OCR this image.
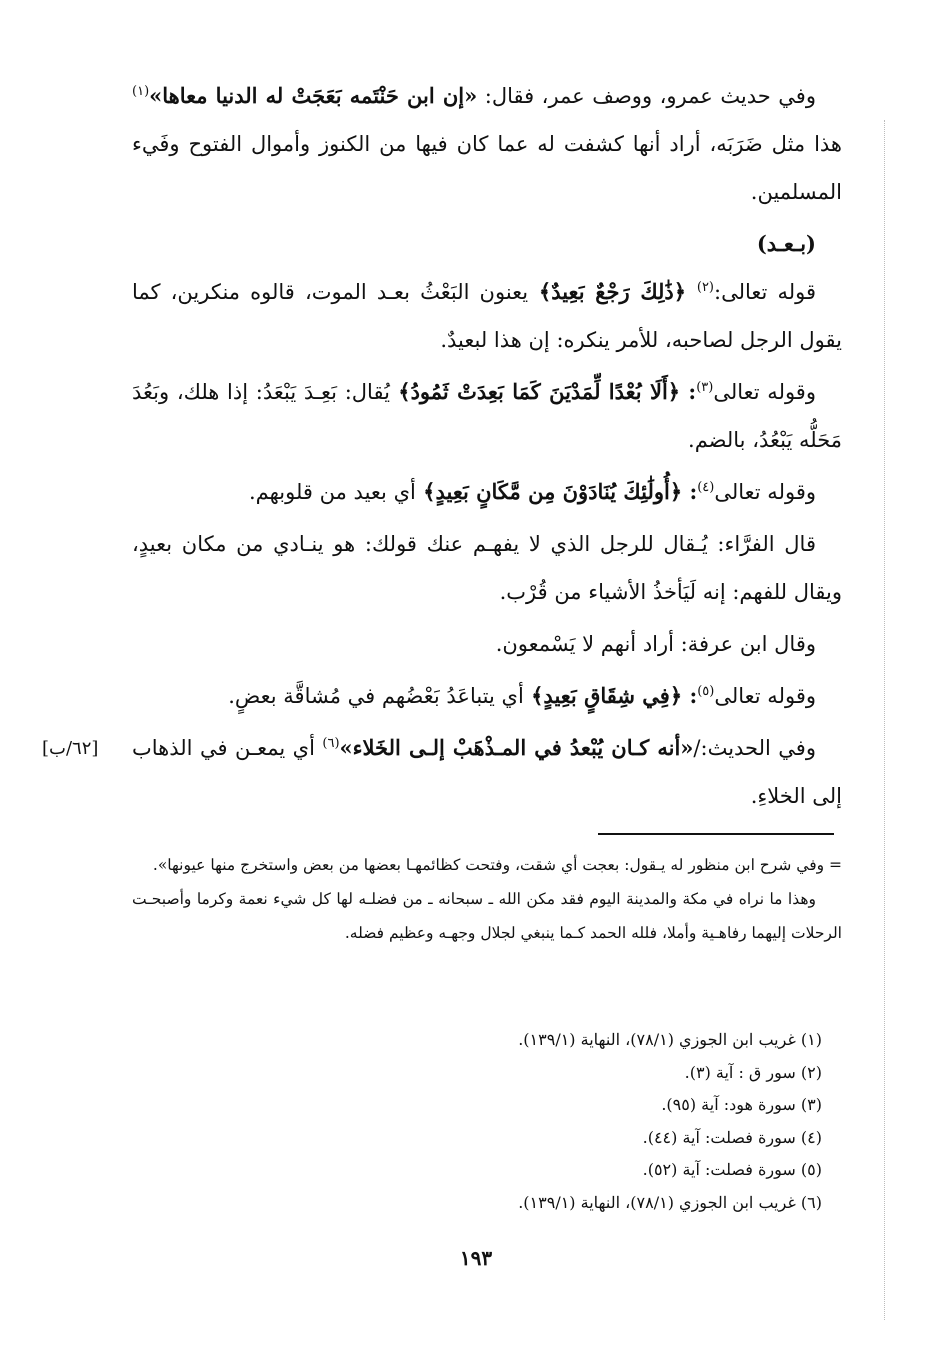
وفي حديث عمرو، ووصف عمر، فقال: «إن ابن حَنْتَمه بَعَجَتْ له الدنيا معاها»$^{(١)}$ هذا مثل ضَرَبَه، أراد أنها كشفت له عما كان فيها من الكنوز وأموال الفتوح وفَيء المسلمين.

(بـعـد)

قوله تعالى:$^{(٢)}$ ﴿ذَٰلِكَ رَجْعٌ بَعِيدٌ﴾ يعنون البَعْثُ بعـد الموت، قالوه منكرين، كما يقول الرجل لصاحبه، للأمر ينكره: إن هذا لبعيدٌ.

وقوله تعالى$^{(٣)}$: ﴿أَلَا بُعْدًا لِّمَدْيَنَ كَمَا بَعِدَتْ ثَمُودُ﴾ يُقال: بَعِـدَ يَبْعَدُ: إذا هلك، وبَعُدَ مَحَلُّه يَبْعُدُ، بالضم.

وقوله تعالى$^{(٤)}$: ﴿أُولَٰئِكَ يُنَادَوْنَ مِن مَّكَانٍ بَعِيدٍ﴾ أي بعيد من قلوبهم.

قال الفرَّاء: يُـقال للرجل الذي لا يفهـم عنك قولك: هو ينـادي من مكان بعيدٍ، ويقال للفهم: إنه لَيَأخذُ الأشياء من قُرْب.

وقال ابن عرفة: أراد أنهم لا يَسْمعون.

وقوله تعالى$^{(٥)}$: ﴿فِي شِقَاقٍ بَعِيدٍ﴾ أي يتباعَدُ بَعْضُهم في مُشاقَّة بعضٍ.

وفي الحديث:/«أنه كـان يُبْعدُ في المـذْهَبْ إلـى الخَلاء»$^{(٦)}$ أي يمعـن في الذهاب إلى الخلاءِ.

[٦٢/ب]

= وفي شرح ابن منظور له يـقول: بعجت أي شقت، وفتحت كظائمهـا بعضها من بعض واستخرج منها عيونها».

وهذا ما نراه في مكة والمدينة اليوم فقد مكن الله ـ سبحانه ـ من فضلـه لها كل شيء نعمة وكرما وأصبحـت الرحلات إليهما رفاهـية وأملا، فلله الحمد كـما ينبغي لجلال وجهـه وعظيم فضله.

(١) غريب ابن الجوزي (٧٨/١)، النهاية (١٣٩/١).
(٢) سور ق : آية (٣).
(٣) سورة هود: آية (٩٥).
(٤) سورة فصلت: آية (٤٤).
(٥) سورة فصلت: آية (٥٢).
(٦) غريب ابن الجوزي (٧٨/١)، النهاية (١٣٩/١).
١٩٣
